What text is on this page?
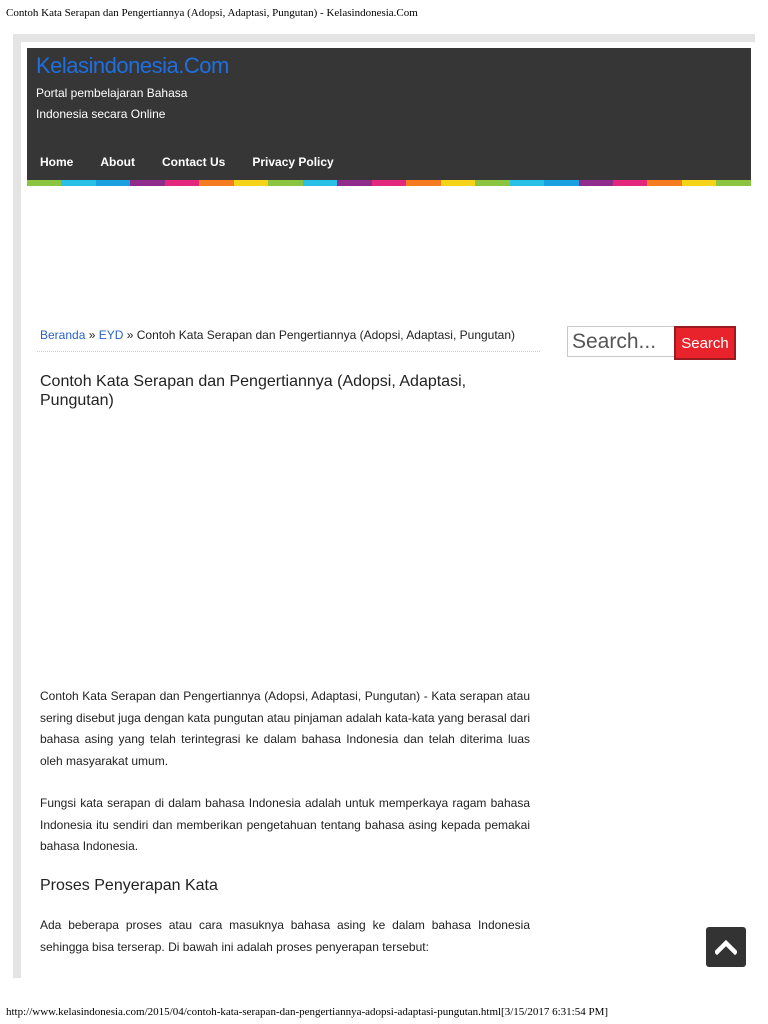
Contoh Kata Serapan dan Pengertiannya (Adopsi, Adaptasi, Pungutan) - Kelasindonesia.Com
Kelasindonesia.Com
Portal pembelajaran Bahasa Indonesia secara Online
Home About Contact Us Privacy Policy
Beranda » EYD » Contoh Kata Serapan dan Pengertiannya (Adopsi, Adaptasi, Pungutan)
Search...	Search
Contoh Kata Serapan dan Pengertiannya (Adopsi, Adaptasi, Pungutan)

Contoh Kata Serapan dan Pengertiannya (Adopsi, Adaptasi, Pungutan) - Kata serapan atau sering disebut juga dengan kata pungutan atau pinjaman adalah kata-kata yang berasal dari bahasa asing yang telah terintegrasi ke dalam bahasa Indonesia dan telah diterima luas oleh masyarakat umum.

Fungsi kata serapan di dalam bahasa Indonesia adalah untuk memperkaya ragam bahasa Indonesia itu sendiri dan memberikan pengetahuan tentang bahasa asing kepada pemakai bahasa Indonesia.

Proses Penyerapan Kata

Ada beberapa proses atau cara masuknya bahasa asing ke dalam bahasa Indonesia sehingga bisa terserap. Di bawah ini adalah proses penyerapan tersebut:

http://www.kelasindonesia.com/2015/04/contoh-kata-serapan-dan-pengertiannya-adopsi-adaptasi-pungutan.html[3/15/2017 6:31:54 PM]
